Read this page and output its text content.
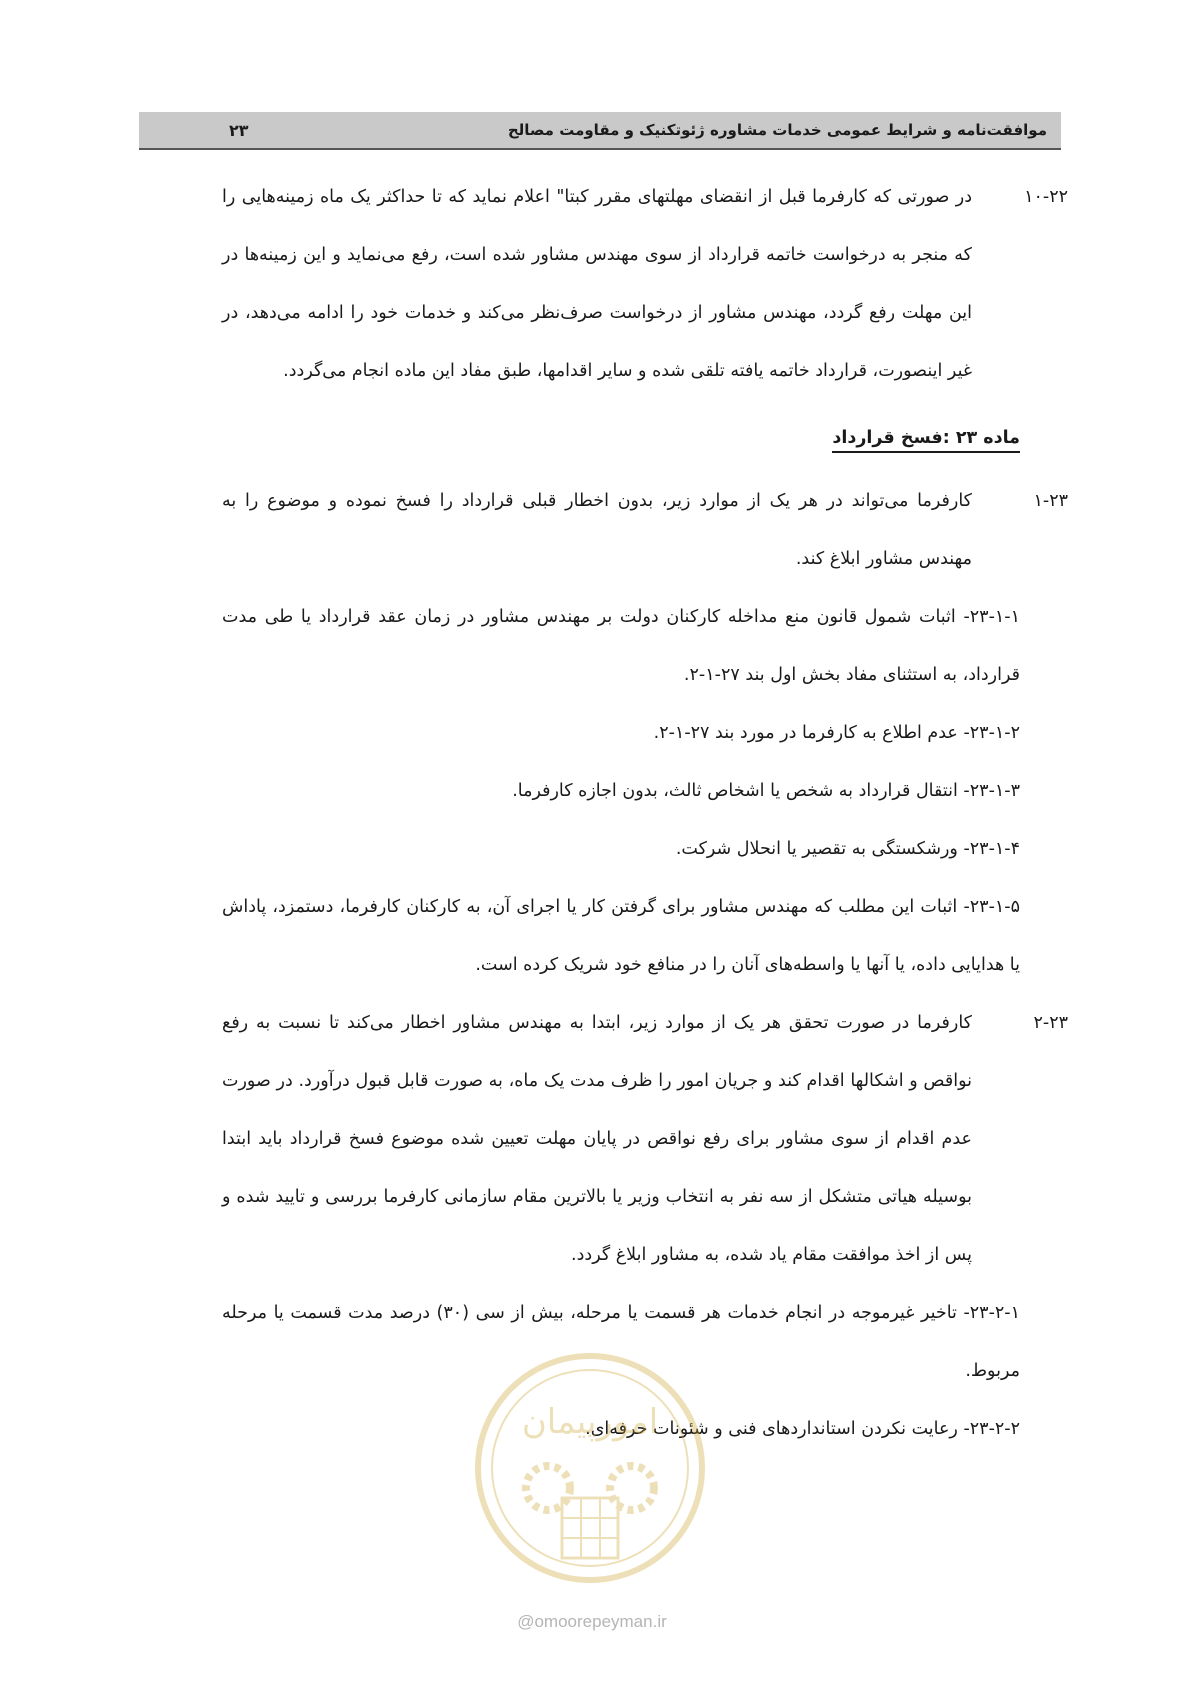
موافقت‌نامه و شرایط عمومی خدمات مشاوره ژئوتکنیک و مقاومت مصالح
۲۳

۱۰-۲۲در صورتی که کارفرما قبل از انقضای مهلتهای مقرر کبتا" اعلام نماید که تا حداکثر یک ماه زمینه‌هایی را که منجر به درخواست خاتمه قرارداد از سوی مهندس مشاور شده است، رفع می‌نماید و این زمینه‌ها در این مهلت رفع گردد، مهندس مشاور از درخواست صرف‌نظر می‌کند و خدمات خود را ادامه می‌دهد، در غیر اینصورت، قرارداد خاتمه یافته تلقی شده و سایر اقدامها، طبق مفاد این ماده انجام می‌گردد.

ماده ۲۳ :فسخ قرارداد

۱-۲۳کارفرما می‌تواند در هر یک از موارد زیر، بدون اخطار قبلی قرارداد را فسخ نموده و موضوع را به مهندس مشاور ابلاغ کند.

۲۳-۱-۱- اثبات شمول قانون منع مداخله کارکنان دولت بر مهندس مشاور در زمان عقد قرارداد یا طی مدت قرارداد، به استثنای مفاد بخش اول بند ۲۷-۱-۲.

۲۳-۱-۲- عدم اطلاع به کارفرما در مورد بند ۲۷-۱-۲.

۲۳-۱-۳- انتقال قرارداد به شخص یا اشخاص ثالث، بدون اجازه کارفرما.

۲۳-۱-۴- ورشکستگی به تقصیر یا انحلال شرکت.

۲۳-۱-۵- اثبات این مطلب که مهندس مشاور برای گرفتن کار یا اجرای آن، به کارکنان کارفرما، دستمزد، پاداش یا هدایایی داده، یا آنها یا واسطه‌های آنان را در منافع خود شریک کرده است.

۲-۲۳کارفرما در صورت تحقق هر یک از موارد زیر، ابتدا به مهندس مشاور اخطار می‌کند تا نسبت به رفع نواقص و اشکالها اقدام کند و جریان امور را ظرف مدت یک ماه، به صورت قابل قبول درآورد. در صورت عدم اقدام از سوی مشاور برای رفع نواقص در پایان مهلت تعیین شده موضوع فسخ قرارداد باید ابتدا بوسیله هیاتی متشکل از سه نفر به انتخاب وزیر یا بالاترین مقام سازمانی کارفرما بررسی و تایید شده و پس از اخذ موافقت مقام یاد شده، به مشاور ابلاغ گردد.

۲۳-۲-۱- تاخیر غیرموجه در انجام خدمات هر قسمت یا مرحله، بیش از سی (۳۰) درصد مدت قسمت یا مرحله مربوط.

۲۳-۲-۲- رعایت نکردن استانداردهای فنی و شئونات حرفه‌ای.

امورپیمان
@omoorepeyman.ir
